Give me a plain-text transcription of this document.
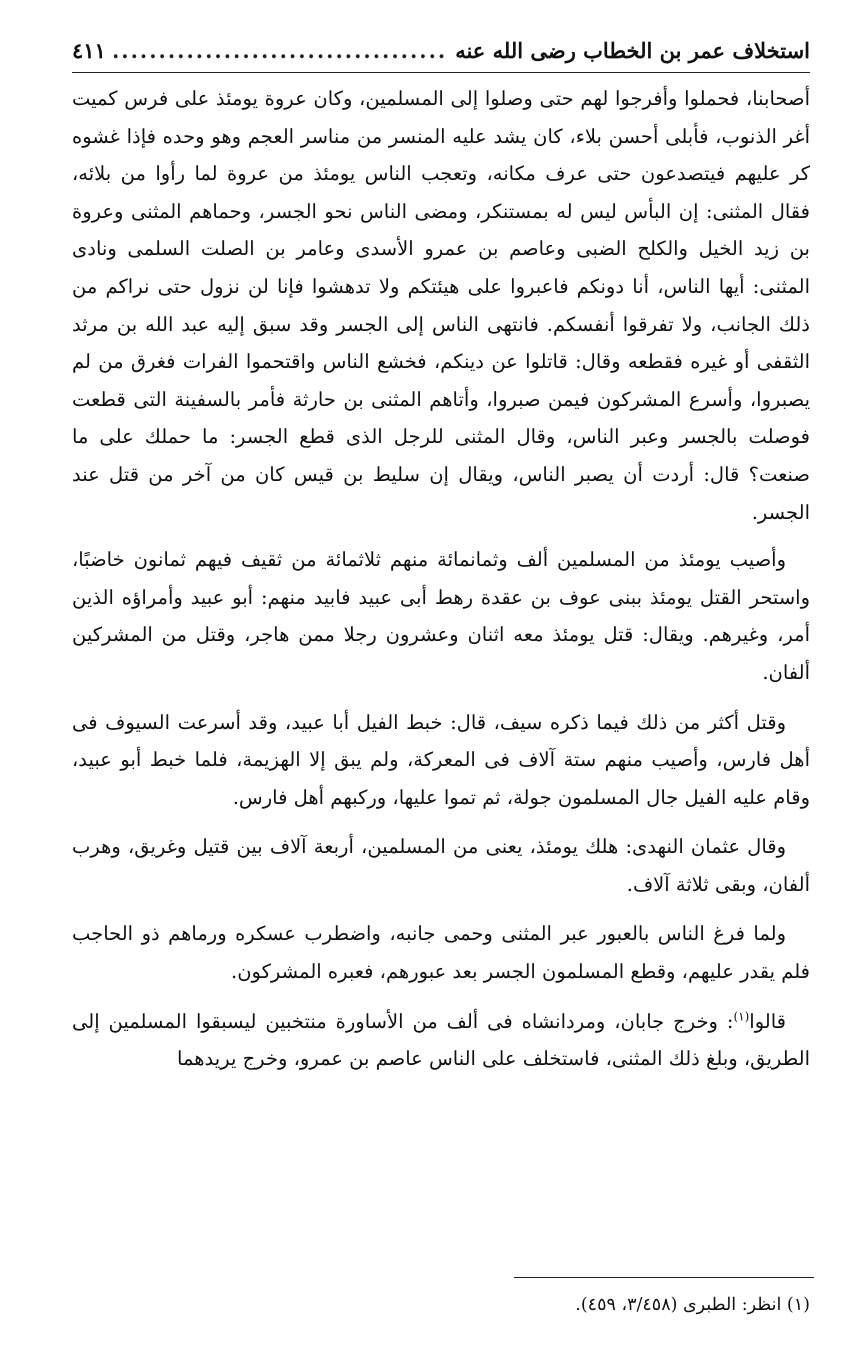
استخلاف عمر بن الخطاب رضى الله عنه
.....
٤١١

أصحابنا، فحملوا وأفرجوا لهم حتى وصلوا إلى المسلمين، وكان عروة يومئذ على فرس كميت أغر الذنوب، فأبلى أحسن بلاء، كان يشد عليه المنسر من مناسر العجم وهو وحده فإذا غشوه كر عليهم فيتصدعون حتى عرف مكانه، وتعجب الناس يومئذ من عروة لما رأوا من بلائه، فقال المثنى: إن البأس ليس له بمستنكر، ومضى الناس نحو الجسر، وحماهم المثنى وعروة بن زيد الخيل والكلح الضبى وعاصم بن عمرو الأسدى وعامر بن الصلت السلمى ونادى المثنى: أيها الناس، أنا دونكم فاعبروا على هيئتكم ولا تدهشوا فإنا لن نزول حتى نراكم من ذلك الجانب، ولا تفرقوا أنفسكم. فانتهى الناس إلى الجسر وقد سبق إليه عبد الله بن مرثد الثقفى أو غيره فقطعه وقال: قاتلوا عن دينكم، فخشع الناس واقتحموا الفرات فغرق من لم يصبروا، وأسرع المشركون فيمن صبروا، وأتاهم المثنى بن حارثة فأمر بالسفينة التى قطعت فوصلت بالجسر وعبر الناس، وقال المثنى للرجل الذى قطع الجسر: ما حملك على ما صنعت؟ قال: أردت أن يصبر الناس، ويقال إن سليط بن قيس كان من آخر من قتل عند الجسر.

وأصيب يومئذ من المسلمين ألف وثمانمائة منهم ثلاثمائة من ثقيف فيهم ثمانون خاضبًا، واستحر القتل يومئذ ببنى عوف بن عقدة رهط أبى عبيد فابيد منهم: أبو عبيد وأمراؤه الذين أمر، وغيرهم. ويقال: قتل يومئذ معه اثنان وعشرون رجلا ممن هاجر، وقتل من المشركين ألفان.

وقتل أكثر من ذلك فيما ذكره سيف، قال: خبط الفيل أبا عبيد، وقد أسرعت السيوف فى أهل فارس، وأصيب منهم ستة آلاف فى المعركة، ولم يبق إلا الهزيمة، فلما خبط أبو عبيد، وقام عليه الفيل جال المسلمون جولة، ثم تموا عليها، وركبهم أهل فارس.

وقال عثمان النهدى: هلك يومئذ، يعنى من المسلمين، أربعة آلاف بين قتيل وغريق، وهرب ألفان، وبقى ثلاثة آلاف.

ولما فرغ الناس بالعبور عبر المثنى وحمى جانبه، واضطرب عسكره ورماهم ذو الحاجب فلم يقدر عليهم، وقطع المسلمون الجسر بعد عبورهم، فعبره المشركون.

قالوا$^{(١)}$: وخرج جابان، ومردانشاه فى ألف من الأساورة منتخبين ليسبقوا المسلمين إلى الطريق، وبلغ ذلك المثنى، فاستخلف على الناس عاصم بن عمرو، وخرج يريدهما

(١) انظر: الطبرى (٣/٤٥٨، ٤٥٩).
